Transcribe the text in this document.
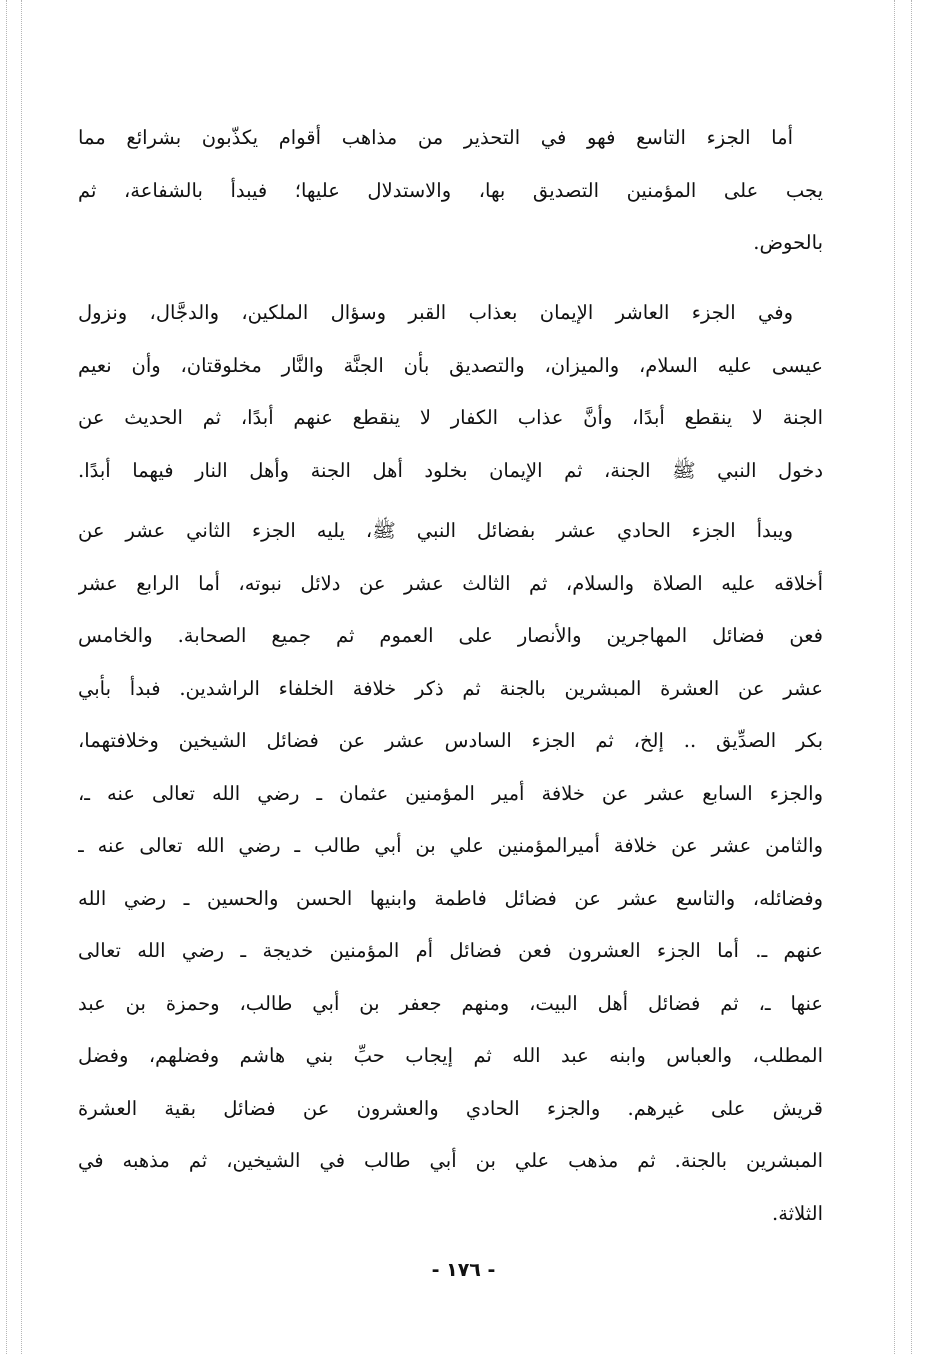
أما الجزء التاسع فهو في التحذير من مذاهب أقوام يكذّبون بشرائع مما
يجب على المؤمنين التصديق بها، والاستدلال عليها؛ فيبدأ بالشفاعة، ثم
بالحوض.
وفي الجزء العاشر الإيمان بعذاب القبر وسؤال الملكين، والدجَّال، ونزول
عيسى عليه السلام، والميزان، والتصديق بأن الجنَّة والنَّار مخلوقتان، وأن نعيم
الجنة لا ينقطع أبدًا، وأنَّ عذاب الكفار لا ينقطع عنهم أبدًا، ثم الحديث عن
دخول النبي ﷺ الجنة، ثم الإيمان بخلود أهل الجنة وأهل النار فيهما أبدًا.
ويبدأ الجزء الحادي عشر بفضائل النبي ﷺ، يليه الجزء الثاني عشر عن
أخلاقه عليه الصلاة والسلام، ثم الثالث عشر عن دلائل نبوته، أما الرابع عشر
فعن فضائل المهاجرين والأنصار على العموم ثم جميع الصحابة. والخامس
عشر عن العشرة المبشرين بالجنة ثم ذكر خلافة الخلفاء الراشدين. فبدأ بأبي
بكر الصدِّيق .. إلخ، ثم الجزء السادس عشر عن فضائل الشيخين وخلافتهما،
والجزء السابع عشر عن خلافة أمير المؤمنين عثمان ـ رضي الله تعالى عنه ـ،
والثامن عشر عن خلافة أميرالمؤمنين علي بن أبي طالب ـ رضي الله تعالى عنه ـ
وفضائله، والتاسع عشر عن فضائل فاطمة وابنيها الحسن والحسين ـ رضي الله
عنهم ـ. أما الجزء العشرون فعن فضائل أم المؤمنين خديجة ـ رضي الله تعالى
عنها ـ، ثم فضائل أهل البيت، ومنهم جعفر بن أبي طالب، وحمزة بن عبد
المطلب، والعباس وابنه عبد الله ثم إيجاب حبِّ بني هاشم وفضلهم، وفضل
قريش على غيرهم. والجزء الحادي والعشرون عن فضائل بقية العشرة
المبشرين بالجنة. ثم مذهب علي بن أبي طالب في الشيخين، ثم مذهبه في
الثلاثة.
- ١٧٦ -
